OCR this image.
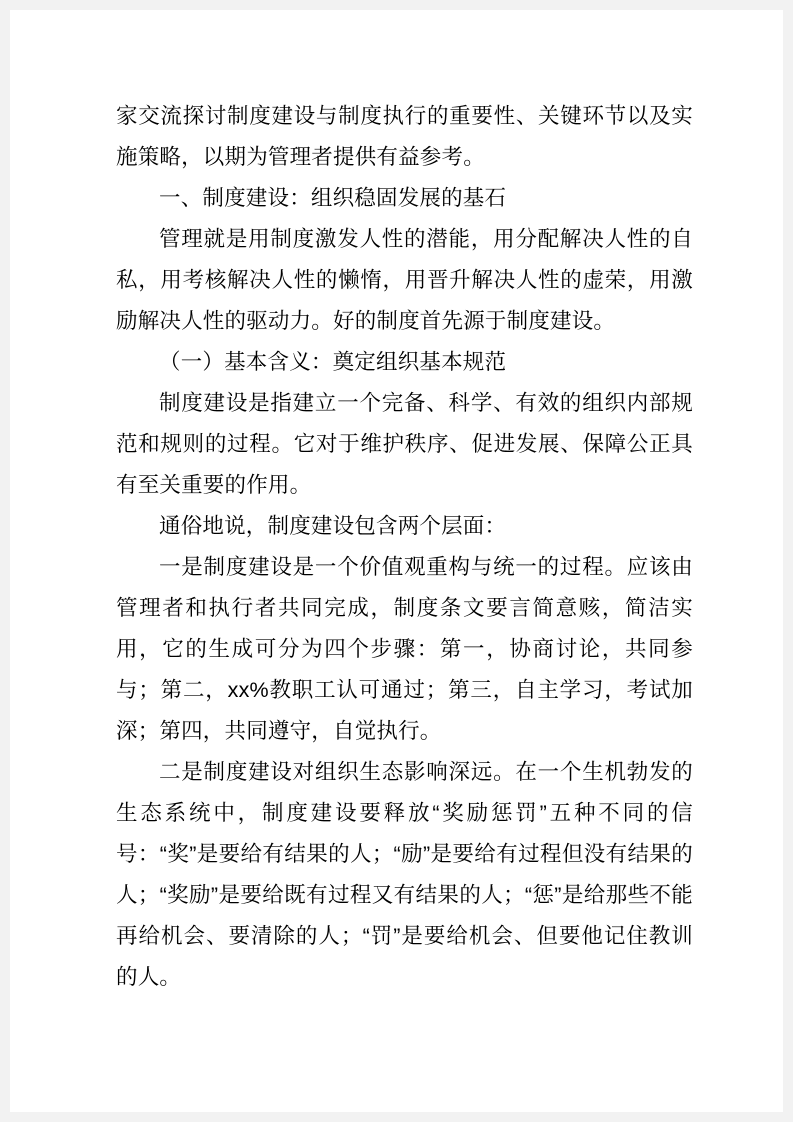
家交流探讨制度建设与制度执行的重要性、关键环节以及实施策略，以期为管理者提供有益参考。

一、制度建设：组织稳固发展的基石

管理就是用制度激发人性的潜能，用分配解决人性的自私，用考核解决人性的懒惰，用晋升解决人性的虚荣，用激励解决人性的驱动力。好的制度首先源于制度建设。

（一）基本含义：奠定组织基本规范

制度建设是指建立一个完备、科学、有效的组织内部规范和规则的过程。它对于维护秩序、促进发展、保障公正具有至关重要的作用。

通俗地说，制度建设包含两个层面：

一是制度建设是一个价值观重构与统一的过程。应该由管理者和执行者共同完成，制度条文要言简意赅，简洁实用，它的生成可分为四个步骤：第一，协商讨论，共同参与；第二，xx%教职工认可通过；第三，自主学习，考试加深；第四，共同遵守，自觉执行。

二是制度建设对组织生态影响深远。在一个生机勃发的生态系统中，制度建设要释放“奖励惩罚”五种不同的信号：“奖”是要给有结果的人；“励”是要给有过程但没有结果的人；“奖励”是要给既有过程又有结果的人；“惩”是给那些不能再给机会、要清除的人；“罚”是要给机会、但要他记住教训的人。
